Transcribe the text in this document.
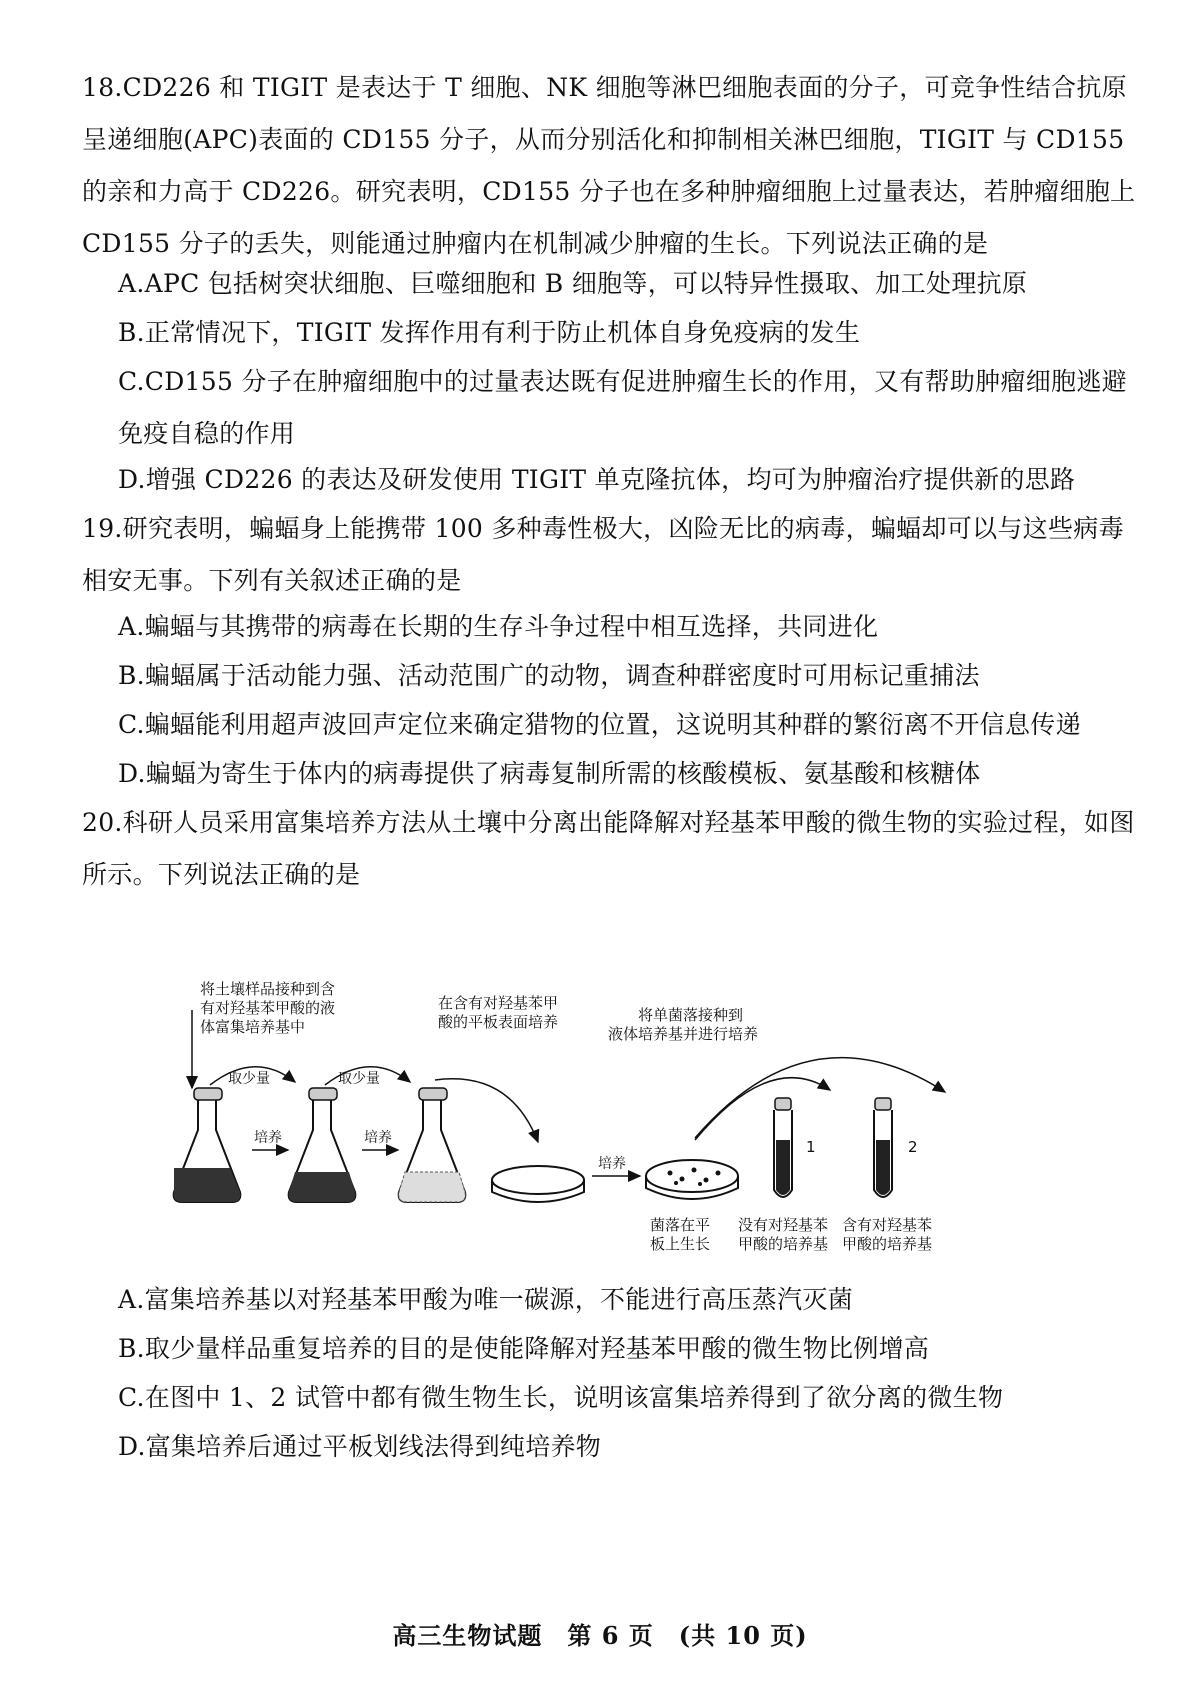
18.CD226 和 TIGIT 是表达于 T 细胞、NK 细胞等淋巴细胞表面的分子，可竞争性结合抗原呈递细胞(APC)表面的 CD155 分子，从而分别活化和抑制相关淋巴细胞，TIGIT 与 CD155 的亲和力高于 CD226。研究表明，CD155 分子也在多种肿瘤细胞上过量表达，若肿瘤细胞上 CD155 分子的丢失，则能通过肿瘤内在机制减少肿瘤的生长。下列说法正确的是

A.APC 包括树突状细胞、巨噬细胞和 B 细胞等，可以特异性摄取、加工处理抗原

B.正常情况下，TIGIT 发挥作用有利于防止机体自身免疫病的发生

C.CD155 分子在肿瘤细胞中的过量表达既有促进肿瘤生长的作用，又有帮助肿瘤细胞逃避免疫自稳的作用

D.增强 CD226 的表达及研发使用 TIGIT 单克隆抗体，均可为肿瘤治疗提供新的思路

19.研究表明，蝙蝠身上能携带 100 多种毒性极大，凶险无比的病毒，蝙蝠却可以与这些病毒相安无事。下列有关叙述正确的是

A.蝙蝠与其携带的病毒在长期的生存斗争过程中相互选择，共同进化

B.蝙蝠属于活动能力强、活动范围广的动物，调查种群密度时可用标记重捕法

C.蝙蝠能利用超声波回声定位来确定猎物的位置，这说明其种群的繁衍离不开信息传递

D.蝙蝠为寄生于体内的病毒提供了病毒复制所需的核酸模板、氨基酸和核糖体

20.科研人员采用富集培养方法从土壤中分离出能降解对羟基苯甲酸的微生物的实验过程，如图所示。下列说法正确的是

将土壤样品接种到含
有对羟基苯甲酸的液
体富集培养基中
在含有对羟基苯甲
酸的平板表面培养	将单菌落接种到
液体培养基并进行培养
取少量	取少量
培养	培养
培养
菌落在平
板上生长
1
没有对羟基苯
甲酸的培养基
2
含有对羟基苯
甲酸的培养基

A.富集培养基以对羟基苯甲酸为唯一碳源，不能进行高压蒸汽灭菌

B.取少量样品重复培养的目的是使能降解对羟基苯甲酸的微生物比例增高

C.在图中 1、2 试管中都有微生物生长，说明该富集培养得到了欲分离的微生物

D.富集培养后通过平板划线法得到纯培养物

高三生物试题　第 6 页　(共 10 页)
